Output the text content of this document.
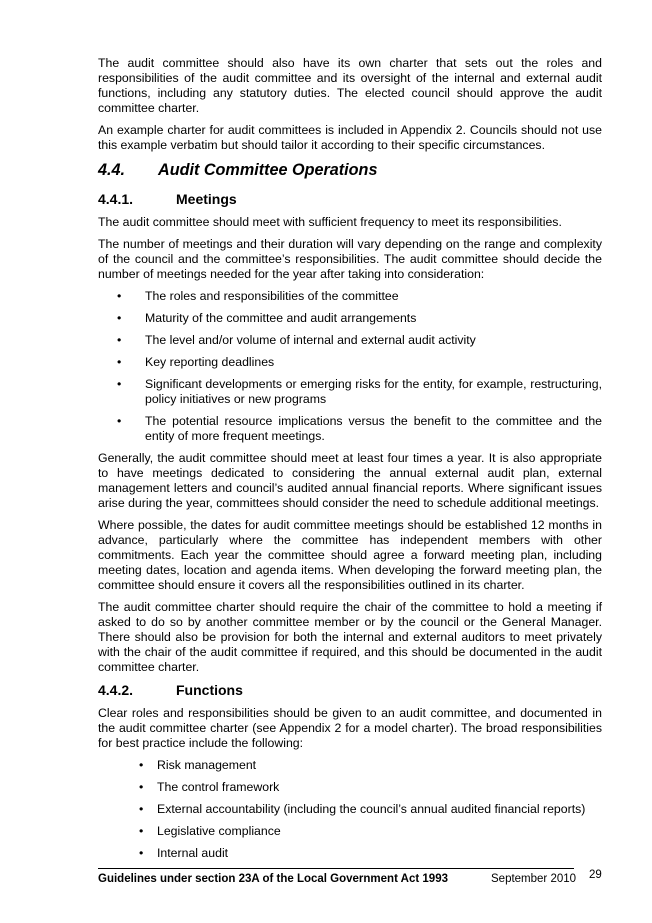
The audit committee should also have its own charter that sets out the roles and responsibilities of the audit committee and its oversight of the internal and external audit functions, including any statutory duties. The elected council should approve the audit committee charter.

An example charter for audit committees is included in Appendix 2. Councils should not use this example verbatim but should tailor it according to their specific circumstances.

4.4. Audit Committee Operations
4.4.1.	Meetings

The audit committee should meet with sufficient frequency to meet its responsibilities.

The number of meetings and their duration will vary depending on the range and complexity of the council and the committee’s responsibilities. The audit committee should decide the number of meetings needed for the year after taking into consideration:

• The roles and responsibilities of the committee
• Maturity of the committee and audit arrangements
• The level and/or volume of internal and external audit activity
• Key reporting deadlines
• Significant developments or emerging risks for the entity, for example, restructuring, policy initiatives or new programs
• The potential resource implications versus the benefit to the committee and the entity of more frequent meetings.

Generally, the audit committee should meet at least four times a year. It is also appropriate to have meetings dedicated to considering the annual external audit plan, external management letters and council’s audited annual financial reports. Where significant issues arise during the year, committees should consider the need to schedule additional meetings.

Where possible, the dates for audit committee meetings should be established 12 months in advance, particularly where the committee has independent members with other commitments. Each year the committee should agree a forward meeting plan, including meeting dates, location and agenda items. When developing the forward meeting plan, the committee should ensure it covers all the responsibilities outlined in its charter.

The audit committee charter should require the chair of the committee to hold a meeting if asked to do so by another committee member or by the council or the General Manager. There should also be provision for both the internal and external auditors to meet privately with the chair of the audit committee if required, and this should be documented in the audit committee charter.

4.4.2.	Functions

Clear roles and responsibilities should be given to an audit committee, and documented in the audit committee charter (see Appendix 2 for a model charter). The broad responsibilities for best practice include the following:

• Risk management
• The control framework
• External accountability (including the council’s annual audited financial reports)
• Legislative compliance
• Internal audit
Guidelines under section 23A of the Local Government Act 1993	September 2010 29
